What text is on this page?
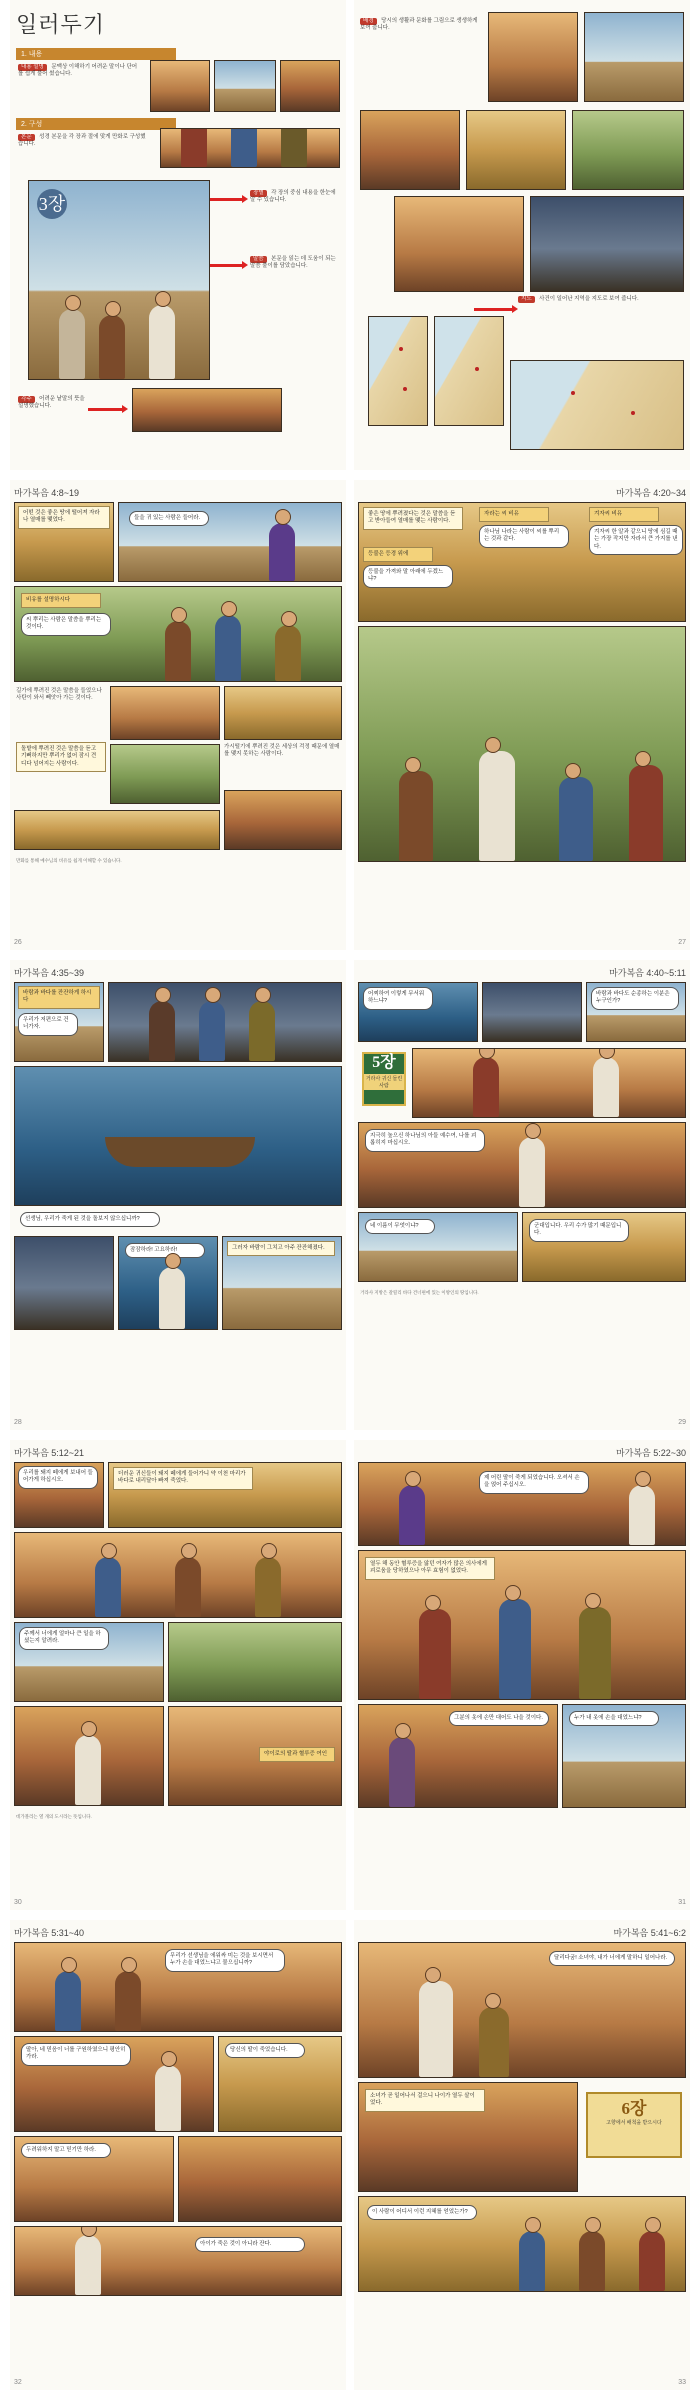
일러두기
1. 내용
내용 설명 문맥상 이해하기 어려운 말이나 단어를 쉽게 풀어 썼습니다.
2. 구성
본문 성경 본문을 각 장과 절에 맞게 만화로 구성했습니다.
3장
장별 각 장의 중심 내용을 한눈에 알 수 있습니다.
말씀 본문을 읽는 데 도움이 되는 말씀 풀이를 담았습니다.
각주 어려운 낱말의 뜻을 설명했습니다.
배경 당시의 생활과 문화를 그림으로 생생하게 보여 줍니다.
지도 사건이 일어난 지역을 지도로 보여 줍니다.
마가복음 4:8~19
어떤 것은 좋은 땅에 떨어져 자라나 열매를 맺었다.	들을 귀 있는 사람은 들어라.
비유를 설명하시다
씨 뿌리는 사람은 말씀을 뿌리는 것이다.
길가에 뿌려진 것은 말씀을 들었으나 사탄이 와서 빼앗아 가는 것이다.
돌밭에 뿌려진 것은 말씀을 듣고 기뻐하지만 뿌리가 없어 잠시 견디다 넘어지는 사람이다.
가시떨기에 뿌려진 것은 세상의 걱정 때문에 열매를 맺지 못하는 사람이다.
만화를 통해 예수님의 비유를 쉽게 이해할 수 있습니다.
26
마가복음 4:20~34
좋은 땅에 뿌려졌다는 것은 말씀을 듣고 받아들여 열매를 맺는 사람이다.
등불은 등경 위에
등불을 가져와 말 아래에 두겠느냐?
자라는 씨 비유
하나님 나라는 사람이 씨를 뿌리는 것과 같다.
겨자씨 비유
겨자씨 한 알과 같으니 땅에 심길 때는 가장 작지만 자라서 큰 가지를 낸다.
27
마가복음 4:35~39
바람과 바다를 잔잔하게 하시다
우리가 저편으로 건너가자.
선생님, 우리가 죽게 된 것을 돌보지 않으십니까?
잠잠하라! 고요하라!	그러자 바람이 그치고 아주 잔잔해졌다.
28
마가복음 4:40~5:11
어찌하여 이렇게 무서워하느냐?
바람과 바다도 순종하는 이분은 누구인가?
5장
거라사 귀신 들린 사람
지극히 높으신 하나님의 아들 예수여, 나를 괴롭히지 마십시오.
네 이름이 무엇이냐?	군대입니다. 우리 수가 많기 때문입니다.
거라사 지방은 갈릴리 바다 건너편에 있는 이방인의 땅입니다.
29
마가복음 5:12~21
우리를 돼지 떼에게 보내어 들어가게 하십시오.
더러운 귀신들이 돼지 떼에게 들어가니 약 이천 마리가 바다로 내리달아 빠져 죽었다.
주께서 너에게 얼마나 큰 일을 하셨는지 알려라.
야이로의 딸과 혈루증 여인
데가볼리는 열 개의 도시라는 뜻입니다.
30
마가복음 5:22~30
제 어린 딸이 죽게 되었습니다. 오셔서 손을 얹어 주십시오.
열두 해 동안 혈루증을 앓던 여자가 많은 의사에게 괴로움을 당하였으나 아무 효험이 없었다.
그분의 옷에 손만 대어도 나을 것이다.	누가 내 옷에 손을 대었느냐?
31
마가복음 5:31~40
무리가 선생님을 에워싸 미는 것을 보시면서 누가 손을 대었느냐고 물으십니까?
딸아, 네 믿음이 너를 구원하였으니 평안히 가라.
당신의 딸이 죽었습니다.
두려워하지 말고 믿기만 하라.
아이가 죽은 것이 아니라 잔다.
32
마가복음 5:41~6:2
달리다굼! 소녀야, 내가 너에게 말하니 일어나라.
소녀가 곧 일어나서 걸으니 나이가 열두 살이었다.	6장
고향에서 배척을 받으시다
이 사람이 어디서 이런 지혜를 얻었는가?
33
